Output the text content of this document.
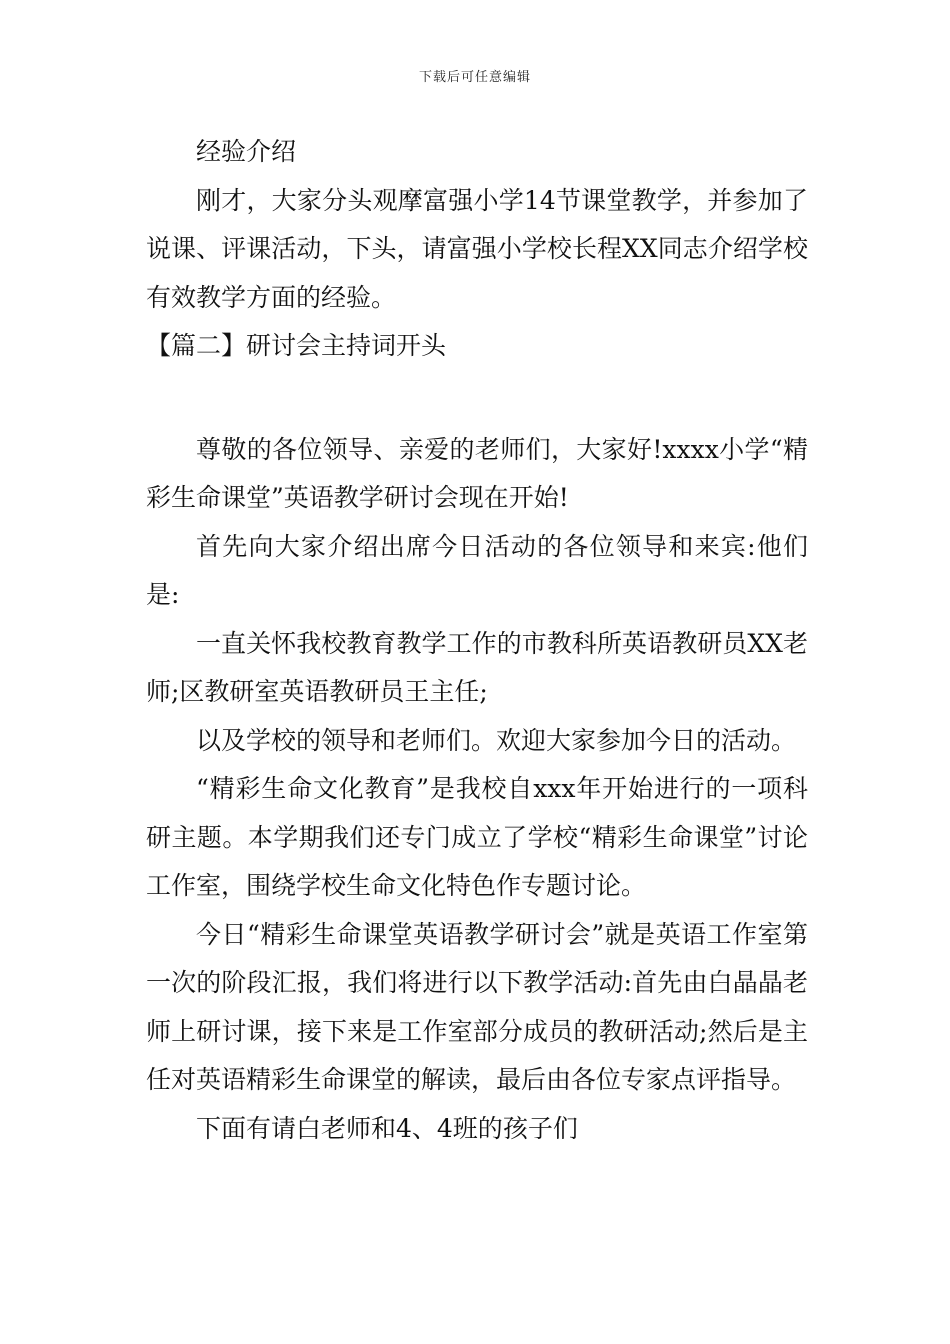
下载后可任意编辑

经验介绍

刚才，大家分头观摩富强小学14节课堂教学，并参加了说课、评课活动，下头，请富强小学校长程XX同志介绍学校有效教学方面的经验。

【篇二】研讨会主持词开头

尊敬的各位领导、亲爱的老师们，大家好!xxxx小学“精彩生命课堂”英语教学研讨会现在开始!

首先向大家介绍出席今日活动的各位领导和来宾:他们是:

一直关怀我校教育教学工作的市教科所英语教研员XX老师;区教研室英语教研员王主任;

以及学校的领导和老师们。欢迎大家参加今日的活动。

“精彩生命文化教育”是我校自xxx年开始进行的一项科研主题。本学期我们还专门成立了学校“精彩生命课堂”讨论工作室，围绕学校生命文化特色作专题讨论。

今日“精彩生命课堂英语教学研讨会”就是英语工作室第一次的阶段汇报，我们将进行以下教学活动:首先由白晶晶老师上研讨课，接下来是工作室部分成员的教研活动;然后是主任对英语精彩生命课堂的解读，最后由各位专家点评指导。

下面有请白老师和4、4班的孩子们
